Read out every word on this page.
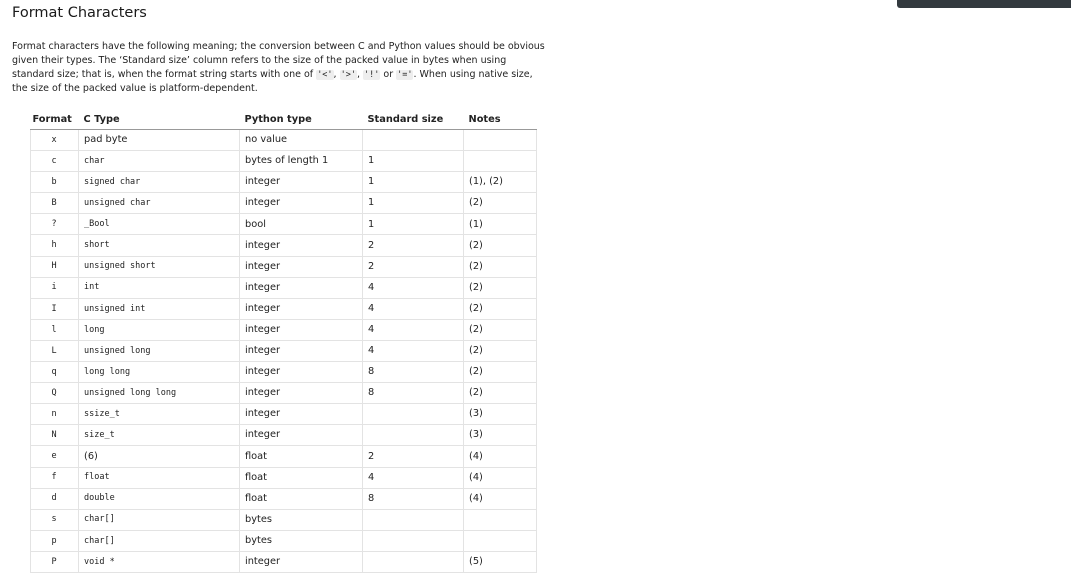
Format Characters

Format characters have the following meaning; the conversion between C and Python values should be obvious given their types. The ‘Standard size’ column refers to the size of the packed value in bytes when using standard size; that is, when the format string starts with one of '<', '>', '!' or '='. When using native size, the size of the packed value is platform-dependent.

Format	C Type	Python type	Standard size	Notes
x	pad byte	no value		
c	char	bytes of length 1	1	
b	signed char	integer	1	(1), (2)
B	unsigned char	integer	1	(2)
?	_Bool	bool	1	(1)
h	short	integer	2	(2)
H	unsigned short	integer	2	(2)
i	int	integer	4	(2)
I	unsigned int	integer	4	(2)
l	long	integer	4	(2)
L	unsigned long	integer	4	(2)
q	long long	integer	8	(2)
Q	unsigned long long	integer	8	(2)
n	ssize_t	integer		(3)
N	size_t	integer		(3)
e	(6)	float	2	(4)
f	float	float	4	(4)
d	double	float	8	(4)
s	char[]	bytes		
p	char[]	bytes		
P	void *	integer		(5)
